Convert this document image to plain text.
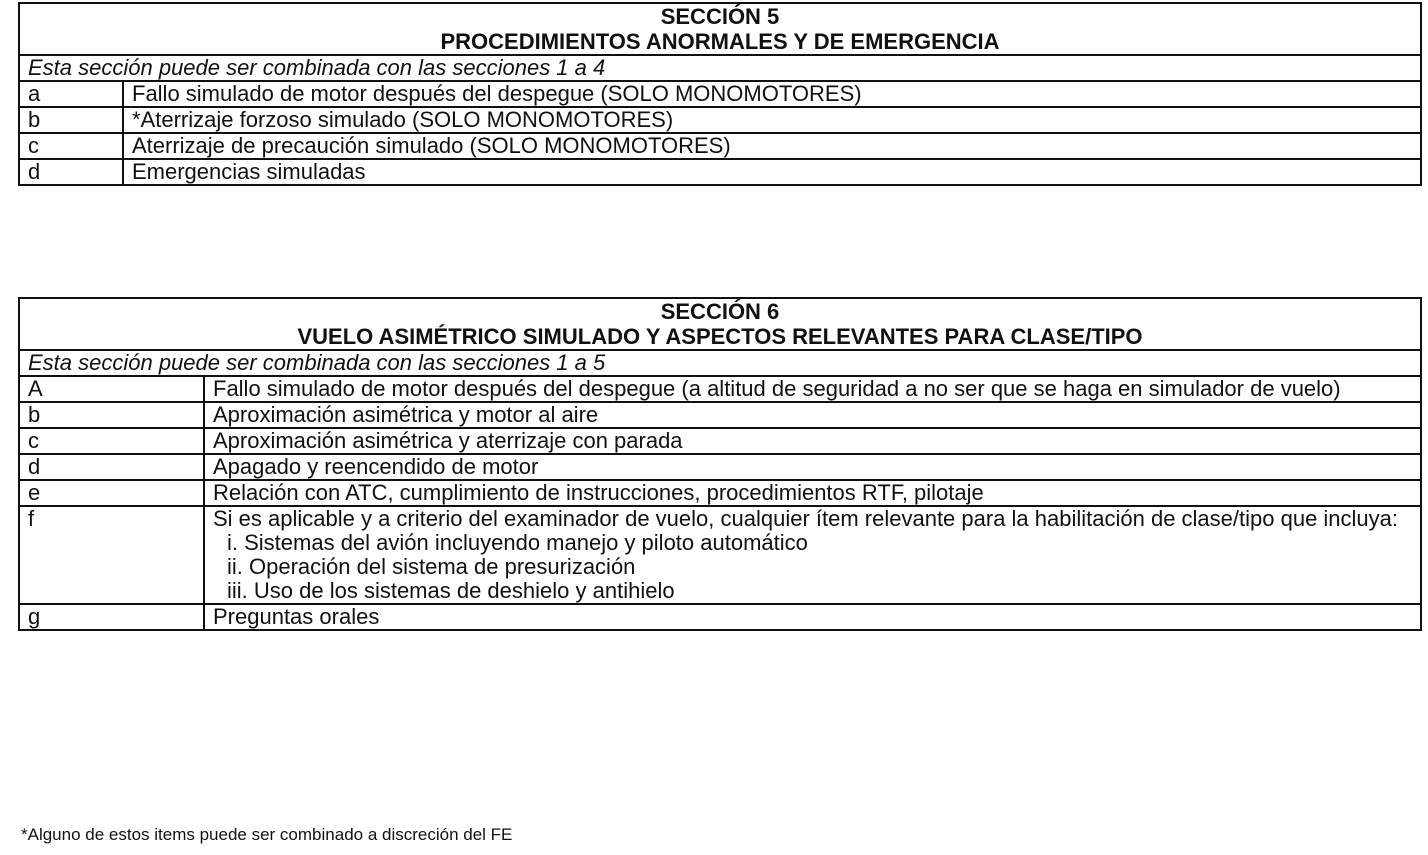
SECCIÓN 5
PROCEDIMIENTOS ANORMALES Y DE EMERGENCIA	

Esta sección puede ser combinada con las secciones 1 a 4	
a	Fallo simulado de motor después del despegue (SOLO MONOMOTORES)
b	*Aterrizaje forzoso simulado (SOLO MONOMOTORES)
c	Aterrizaje de precaución simulado (SOLO MONOMOTORES)
d	Emergencias simuladas
SECCIÓN 6
VUELO ASIMÉTRICO SIMULADO Y ASPECTOS RELEVANTES PARA CLASE/TIPO	

Esta sección puede ser combinada con las secciones 1 a 5	
A	Fallo simulado de motor después del despegue (a altitud de seguridad a no ser que se haga en simulador de vuelo)
b	Aproximación asimétrica y motor al aire
c	Aproximación asimétrica y aterrizaje con parada
d	Apagado y reencendido de motor
e	Relación con ATC, cumplimiento de instrucciones, procedimientos RTF, pilotaje
f	Si es aplicable y a criterio del examinador de vuelo, cualquier ítem relevante para la habilitación de clase/tipo que incluya:
i. Sistemas del avión incluyendo manejo y piloto automático
ii. Operación del sistema de presurización
iii. Uso de los sistemas de deshielo y antihielo

g	Preguntas orales
*Alguno de estos items puede ser combinado a discreción del FE
